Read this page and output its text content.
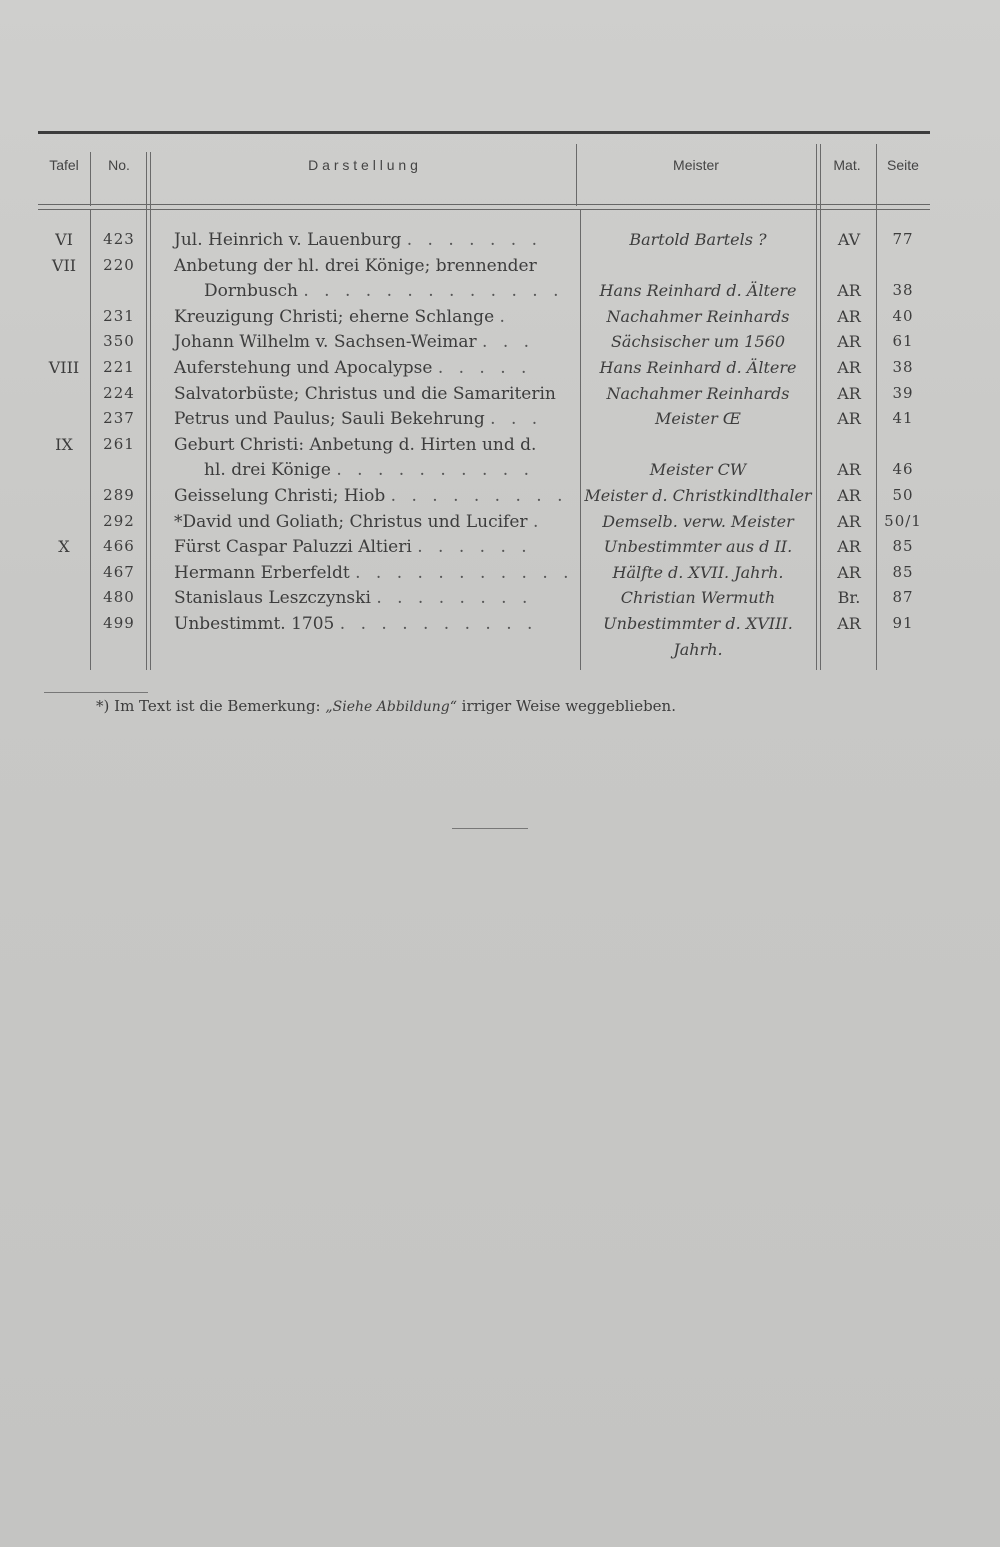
Tafel	No.	D a r s t e l l u n g	Meister	Mat.	Seite
VI	423	Jul. Heinrich v. Lauenburg . . . . . . .	Bartold Bartels ?	AV	77
VII	220	Anbetung der hl. drei Könige; brennender
Dornbusch . . . . . . . . . . . . .	Hans Reinhard d. Ältere	AR	38
231	Kreuzigung Christi; eherne Schlange .	Nachahmer Reinhards	AR	40
350	Johann Wilhelm v. Sachsen-Weimar . . .	Sächsischer um 1560	AR	61
VIII	221	Auferstehung und Apocalypse . . . . .	Hans Reinhard d. Ältere	AR	38
224	Salvatorbüste; Christus und die Samariterin	Nachahmer Reinhards	AR	39
237	Petrus und Paulus; Sauli Bekehrung . . .	Meister Œ	AR	41
IX	261	Geburt Christi: Anbetung d. Hirten und d.
hl. drei Könige . . . . . . . . . .	Meister CW	AR	46
289	Geisselung Christi; Hiob . . . . . . . . . Meister d. Christkindlthaler	AR	50
292	*David und Goliath; Christus und Lucifer .	Demselb. verw. Meister	AR	50/1
X	466	Fürst Caspar Paluzzi Altieri . . . . . .	Unbestimmter aus d II.	AR	85
467	Hermann Erberfeldt . . . . . . . . . . .	Hälfte d. XVII. Jahrh.	AR	85
480	Stanislaus Leszczynski . . . . . . . .	Christian Wermuth	Br.	87
499	Unbestimmt. 1705 . . . . . . . . . .	Unbestimmter d. XVIII.	AR	91
Jahrh.
*) Im Text ist die Bemerkung: „Siehe Abbildung“ irriger Weise weggeblieben.
